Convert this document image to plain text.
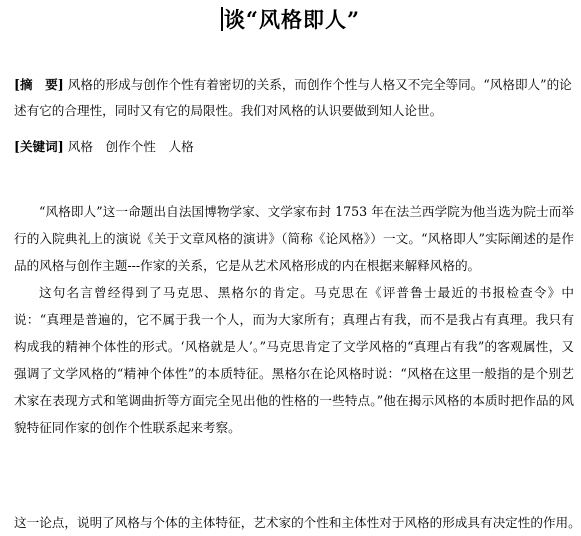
谈“风格即人”
[摘　要] 风格的形成与创作个性有着密切的关系，而创作个性与人格又不完全等同。“风格即人”的论述有它的合理性，同时又有它的局限性。我们对风格的认识要做到知人论世。
[关键词] 风格　创作个性　人格

“风格即人”这一命题出自法国博物学家、文学家布封 1753 年在法兰西学院为他当选为院士而举行的入院典礼上的演说《关于文章风格的演讲》（简称《论风格》）一文。“风格即人”实际阐述的是作品的风格与创作主题---作家的关系，它是从艺术风格形成的内在根据来解释风格的。

这句名言曾经得到了马克思、黑格尔的肯定。马克思在《评普鲁士最近的书报检查令》中说：“真理是普遍的，它不属于我一个人，而为大家所有；真理占有我，而不是我占有真理。我只有构成我的精神个体性的形式。‘风格就是人’。”马克思肯定了文学风格的“真理占有我”的客观属性，又强调了文学风格的“精神个体性”的本质特征。黑格尔在论风格时说：“风格在这里一般指的是个别艺术家在表现方式和笔调曲折等方面完全见出他的性格的一些特点。”他在揭示风格的本质时把作品的风貌特征同作家的创作个性联系起来考察。

这一论点，说明了风格与个体的主体特征，艺术家的个性和主体性对于风格的形成具有决定性的作用。
